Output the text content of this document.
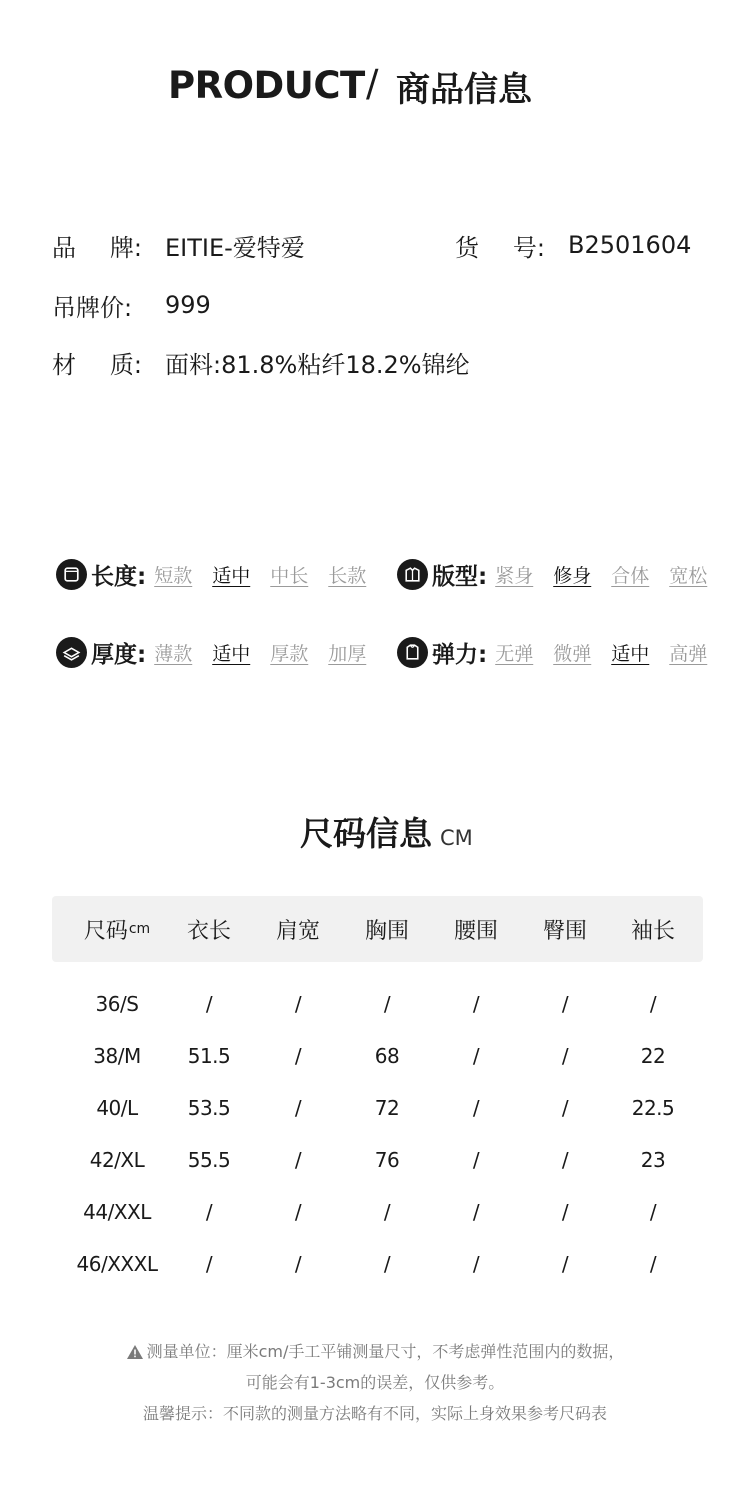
PRODUCT / 商品信息
品 牌: EITIE-爱特爱	货 号: B2501604
吊牌价:	999
材 质: 面料:81.8%粘纤18.2%锦纶
长度: 短款 适中 中长 长款	版型: 紧身 修身 合体 宽松
厚度: 薄款 适中 厚款 加厚	弹力: 无弹 微弹 适中 高弹
尺码信息 CM
尺码 cm	衣长	肩宽	胸围	腰围	臀围	袖长
36/S	/	/	/	/	/	/
38/M	51.5	/	68	/	/	22
40/L	53.5	/	72	/	/	22.5
42/XL	55.5	/	76	/	/	23
44/XXL	/	/	/	/	/	/
46/XXXL	/	/	/	/	/	/
测量单位：厘米cm/手工平铺测量尺寸，不考虑弹性范围内的数据，
可能会有1-3cm的误差，仅供参考。
温馨提示：不同款的测量方法略有不同，实际上身效果参考尺码表
